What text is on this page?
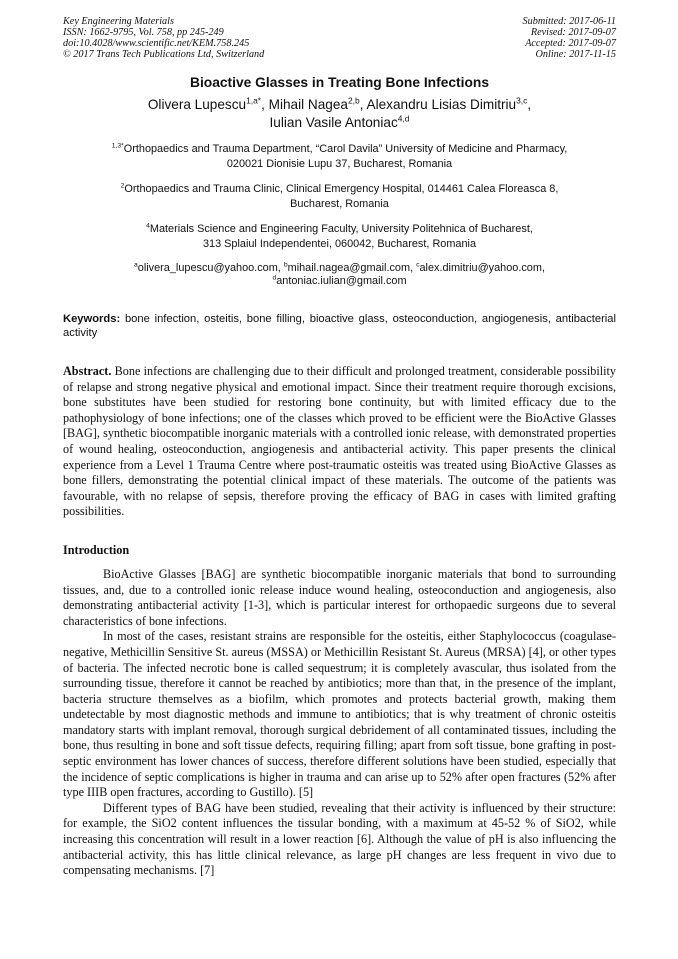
Key Engineering Materials
ISSN: 1662-9795, Vol. 758, pp 245-249
doi:10.4028/www.scientific.net/KEM.758.245
© 2017 Trans Tech Publications Ltd, Switzerland
Submitted: 2017-06-11
Revised: 2017-09-07
Accepted: 2017-09-07
Online: 2017-11-15
Bioactive Glasses in Treating Bone Infections
Olivera Lupescu$^{1,a*}$, Mihail Nagea$^{2,b}$, Alexandru Lisias Dimitriu$^{3,c}$,
Iulian Vasile Antoniac$^{4,d}$
$^{1,3*}$Orthopaedics and Trauma Department, “Carol Davila” University of Medicine and Pharmacy,
020021 Dionisie Lupu 37, Bucharest, Romania
$^2$Orthopaedics and Trauma Clinic, Clinical Emergency Hospital, 014461 Calea Floreasca 8,
Bucharest, Romania
$^4$Materials Science and Engineering Faculty, University Politehnica of Bucharest,
313 Splaiul Independentei, 060042, Bucharest, Romania
$^a$olivera_lupescu@yahoo.com, $^b$mihail.nagea@gmail.com, $^c$alex.dimitriu@yahoo.com,
$^d$antoniac.iulian@gmail.com
Keywords: bone infection, osteitis, bone filling, bioactive glass, osteoconduction, angiogenesis, antibacterial activity
Abstract. Bone infections are challenging due to their difficult and prolonged treatment, considerable possibility of relapse and strong negative physical and emotional impact. Since their treatment require thorough excisions, bone substitutes have been studied for restoring bone continuity, but with limited efficacy due to the pathophysiology of bone infections; one of the classes which proved to be efficient were the BioActive Glasses [BAG], synthetic biocompatible inorganic materials with a controlled ionic release, with demonstrated properties of wound healing, osteoconduction, angiogenesis and antibacterial activity. This paper presents the clinical experience from a Level 1 Trauma Centre where post-traumatic osteitis was treated using BioActive Glasses as bone fillers, demonstrating the potential clinical impact of these materials. The outcome of the patients was favourable, with no relapse of sepsis, therefore proving the efficacy of BAG in cases with limited grafting possibilities.
Introduction
BioActive Glasses [BAG] are synthetic biocompatible inorganic materials that bond to surrounding tissues, and, due to a controlled ionic release induce wound healing, osteoconduction and angiogenesis, also demonstrating antibacterial activity [1-3], which is particular interest for orthopaedic surgeons due to several characteristics of bone infections.
In most of the cases, resistant strains are responsible for the osteitis, either Staphylococcus (coagulase-negative, Methicillin Sensitive St. aureus (MSSA) or Methicillin Resistant St. Aureus (MRSA) [4], or other types of bacteria. The infected necrotic bone is called sequestrum; it is completely avascular, thus isolated from the surrounding tissue, therefore it cannot be reached by antibiotics; more than that, in the presence of the implant, bacteria structure themselves as a biofilm, which promotes and protects bacterial growth, making them undetectable by most diagnostic methods and immune to antibiotics; that is why treatment of chronic osteitis mandatory starts with implant removal, thorough surgical debridement of all contaminated tissues, including the bone, thus resulting in bone and soft tissue defects, requiring filling; apart from soft tissue, bone grafting in post-septic environment has lower chances of success, therefore different solutions have been studied, especially that the incidence of septic complications is higher in trauma and can arise up to 52% after open fractures (52% after type IIIB open fractures, according to Gustillo). [5]
Different types of BAG have been studied, revealing that their activity is influenced by their structure: for example, the SiO2 content influences the tissular bonding, with a maximum at 45-52 % of SiO2, while increasing this concentration will result in a lower reaction [6]. Although the value of pH is also influencing the antibacterial activity, this has little clinical relevance, as large pH changes are less frequent in vivo due to compensating mechanisms. [7]
